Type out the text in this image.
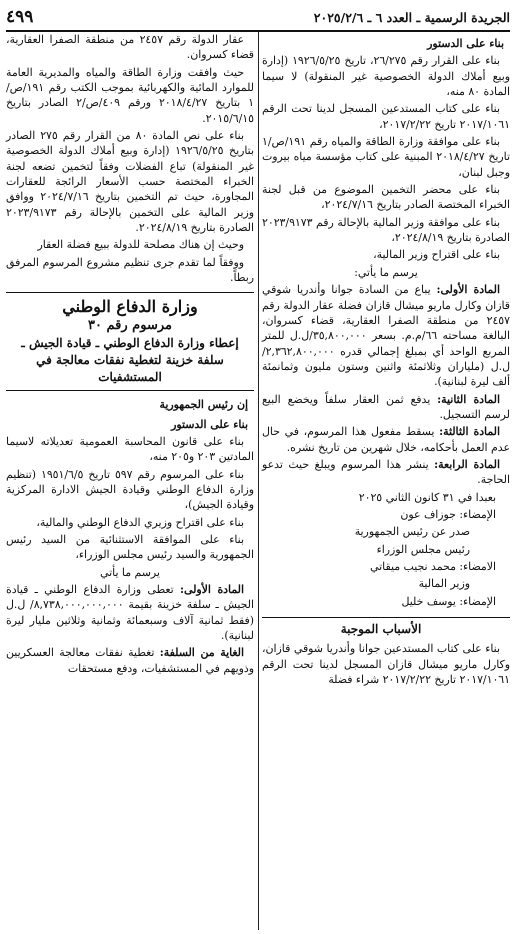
الجريدة الرسمية ـ العدد ٦ ـ ٢٠٢٥/٢/٦
٤٩٩

بناء على الدستور

بناء على القرار رقم ٢٦/٢٧٥، تاريخ ١٩٢٦/٥/٢٥ (إدارة وبيع أملاك الدولة الخصوصية غير المنقولة) لا سيما المادة ٨٠ منه،

بناء على كتاب المستدعين المسجل لدينا تحت الرقم ٢٠١٧/١٠٦١ تاريخ ٢٠١٧/٢/٢٢،

بناء على موافقة وزارة الطاقة والمياه رقم ١٩١/ص/١ تاريخ ٢٠١٨/٤/٢٧ المبنية على كتاب مؤسسة مياه بيروت وجبل لبنان،

بناء على محضر التخمين الموضوع من قبل لجنة الخبراء المختصة الصادر بتاريخ ٢٠٢٤/٧/١٦،

بناء على موافقة وزير المالية بالإحالة رقم ٢٠٢٣/٩١٧٣ الصادرة بتاريخ ٢٠٢٤/٨/١٩،

بناء على اقتراح وزير المالية،

يرسم ما يأتي:

المادة الأولى: يباع من السادة جوانا وأندريا شوقي قازان وكارل ماريو ميشال قازان فضلة عقار الدولة رقم ٢٤٥٧ من منطقة الصفرا العقارية، قضاء كسروان، البالغة مساحته ٦٦/م.م. بسعر ٣٥,٨٠٠,٠٠٠/ل.ل للمتر المربع الواحد أي بمبلغ إجمالي قدره ٢,٣٦٢,٨٠٠,٠٠٠/ل.ل (ملياران وثلاثمئة واثنين وستون مليون وثمانمئة ألف ليرة لبنانية).

المادة الثانية: يدفع ثمن العقار سلفاً ويخضع البيع لرسم التسجيل.

المادة الثالثة: يسقط مفعول هذا المرسوم، في حال عدم العمل بأحكامه، خلال شهرين من تاريخ نشره.

المادة الرابعة: ينشر هذا المرسوم ويبلغ حيث تدعو الحاجة.

بعبدا في ٣١ كانون الثاني ٢٠٢٥

الإمضاء: جوزاف عون

صدر عن رئيس الجمهورية

رئيس مجلس الوزراء

الامضاء: محمد نجيب ميقاتي

وزير المالية

الإمضاء: يوسف خليل

الأسباب الموجبة

بناء على كتاب المستدعين جوانا وأندريا شوقي قازان، وكارل ماريو ميشال قازان المسجل لدينا تحت الرقم ٢٠١٧/١٠٦١ تاريخ ٢٠١٧/٢/٢٢ شراء فضلة

عقار الدولة رقم ٢٤٥٧ من منطقة الصفرا العقارية، قضاء كسروان.

حيث وافقت وزارة الطاقة والمياه والمديرية العامة للموارد المائية والكهربائية بموجب الكتب رقم ١٩١/ص/١ بتاريخ ٢٠١٨/٤/٢٧ ورقم ٤٠٩/ص/٢ الصادر بتاريخ ٢٠١٥/٦/١٥.

بناء على نص المادة ٨٠ من القرار رقم ٢٧٥ الصادر بتاريخ ١٩٢٦/٥/٢٥ (إدارة وبيع أملاك الدولة الخصوصية غير المنقولة) تباع الفضلات وفقاً لتخمين تضعه لجنة الخبراء المختصة حسب الأسعار الرائجة للعقارات المجاورة، حيث تم التخمين بتاريخ ٢٠٢٤/٧/١٦ ووافق وزير المالية على التخمين بالإحالة رقم ٢٠٢٣/٩١٧٣ الصادرة بتاريخ ٢٠٢٤/٨/١٩.

وحيث إن هناك مصلحة للدولة ببيع فضلة العقار

ووفقاً لما تقدم جرى تنظيم مشروع المرسوم المرفق ربطاً.

وزارة الدفاع الوطني
مرسوم رقم ٣٠
إعطاء وزارة الدفاع الوطني ـ قيادة الجيش ـ سلفة خزينة لتغطية نفقات معالجة في المستشفيات

إن رئيس الجمهورية

بناء على الدستور

بناء على قانون المحاسبة العمومية تعديلاته لاسيما المادتين ٢٠٣ و٢٠٥ منه،

بناء على المرسوم رقم ٥٩٧ تاريخ ١٩٥١/٦/٥ (تنظيم وزارة الدفاع الوطني وقيادة الجيش الادارة المركزية وقيادة الجيش)،

بناء على اقتراح وزيري الدفاع الوطني والمالية،

بناء على الموافقة الاستثنائية من السيد رئيس الجمهورية والسيد رئيس مجلس الوزراء،

يرسم ما يأتي

المادة الأولى: تعطى وزارة الدفاع الوطني ـ قيادة الجيش ـ سلفة خزينة بقيمة ٨,٧٣٨,٠٠٠,٠٠٠,٠٠٠/ ل.ل (فقط ثمانية آلاف وسبعمائة وثمانية وثلاثين مليار ليرة لبنانية).

الغاية من السلفة: تغطية نفقات معالجة العسكريين وذويهم في المستشفيات، ودفع مستحقات
